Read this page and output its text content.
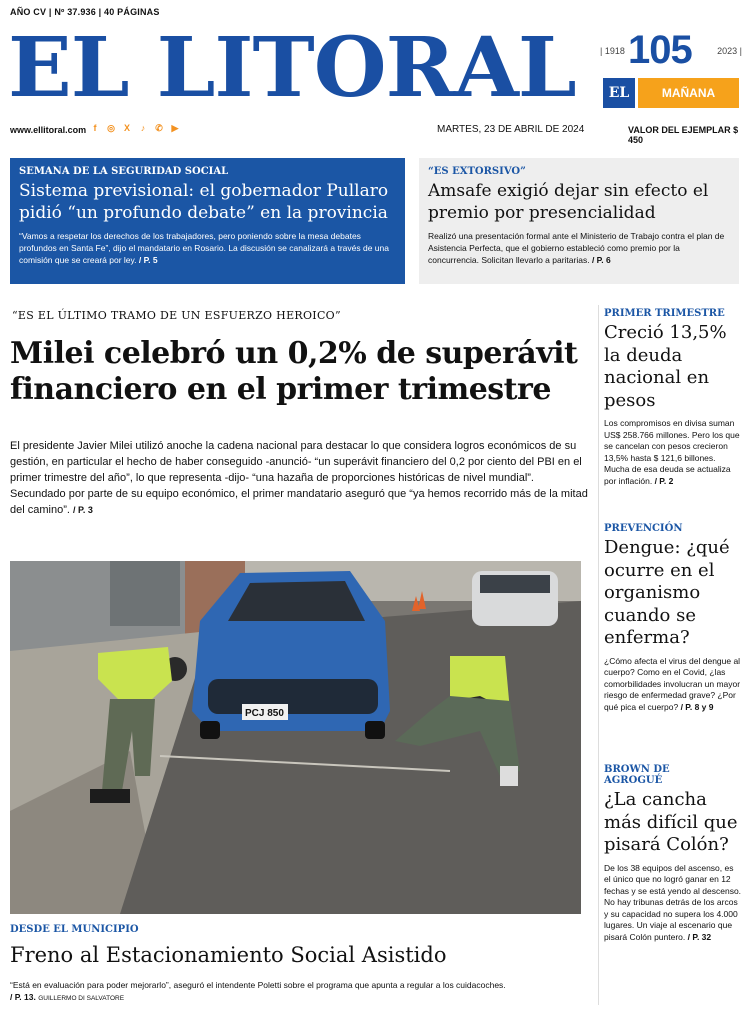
AÑO CV | Nº 37.936 | 40 PÁGINAS
EL LITORAL	| 1918 105	2023 |
EL	MAÑANA
www.ellitoral.com f	◎ X	♪	✆ ▶	MARTES, 23 DE ABRIL DE 2024	VALOR DEL EJEMPLAR $ 450
SEMANA DE LA SEGURIDAD SOCIAL
Sistema previsional: el gobernador Pullaro pidió “un profundo debate” en la provincia
“Vamos a respetar los derechos de los trabajadores, pero poniendo sobre la mesa debates profundos en Santa Fe”, dijo el mandatario en Rosario. La discusión se canalizará a través de una comisión que se creará por ley. / P. 5
“ES EXTORSIVO”
Amsafe exigió dejar sin efecto el premio por presencialidad
Realizó una presentación formal ante el Ministerio de Trabajo contra el plan de Asistencia Perfecta, que el gobierno estableció como premio por la concurrencia. Solicitan llevarlo a paritarias. / P. 6
“ES EL ÚLTIMO TRAMO DE UN ESFUERZO HEROICO”
Milei celebró un 0,2% de superávit financiero en el primer trimestre
El presidente Javier Milei utilizó anoche la cadena nacional para destacar lo que considera logros económicos de su gestión, en particular el hecho de haber conseguido -anunció- “un superávit financiero del 0,2 por ciento del PBI en el primer trimestre del año”, lo que representa -dijo- “una hazaña de proporciones históricas de nivel mundial”. Secundado por parte de su equipo económico, el primer mandatario aseguró que “ya hemos recorrido más de la mitad del camino”. / P. 3
PCJ 850
DESDE EL MUNICIPIO
Freno al Estacionamiento Social Asistido
“Está en evaluación para poder mejorarlo”, aseguró el intendente Poletti sobre el programa que apunta a regular a los cuidacoches.
/ P. 13. GUILLERMO DI SALVATORE
PRIMER TRIMESTRE
Creció 13,5% la deuda nacional en pesos
Los compromisos en divisa suman US$ 258.766 millones. Pero los que se cancelan con pesos crecieron 13,5% hasta $ 121,6 billones. Mucha de esa deuda se actualiza por inflación. / P. 2
PREVENCIÓN
Dengue: ¿qué ocurre en el organismo cuando se enferma?
¿Cómo afecta el virus del dengue al cuerpo? Como en el Covid, ¿las comorbilidades involucran un mayor riesgo de enfermedad grave? ¿Por qué pica el cuerpo? / P. 8 y 9
BROWN DE AGROGUÉ
¿La cancha más difícil que pisará Colón?
De los 38 equipos del ascenso, es el único que no logró ganar en 12 fechas y se está yendo al descenso. No hay tribunas detrás de los arcos y su capacidad no supera los 4.000 lugares. Un viaje al escenario que pisará Colón puntero. / P. 32
